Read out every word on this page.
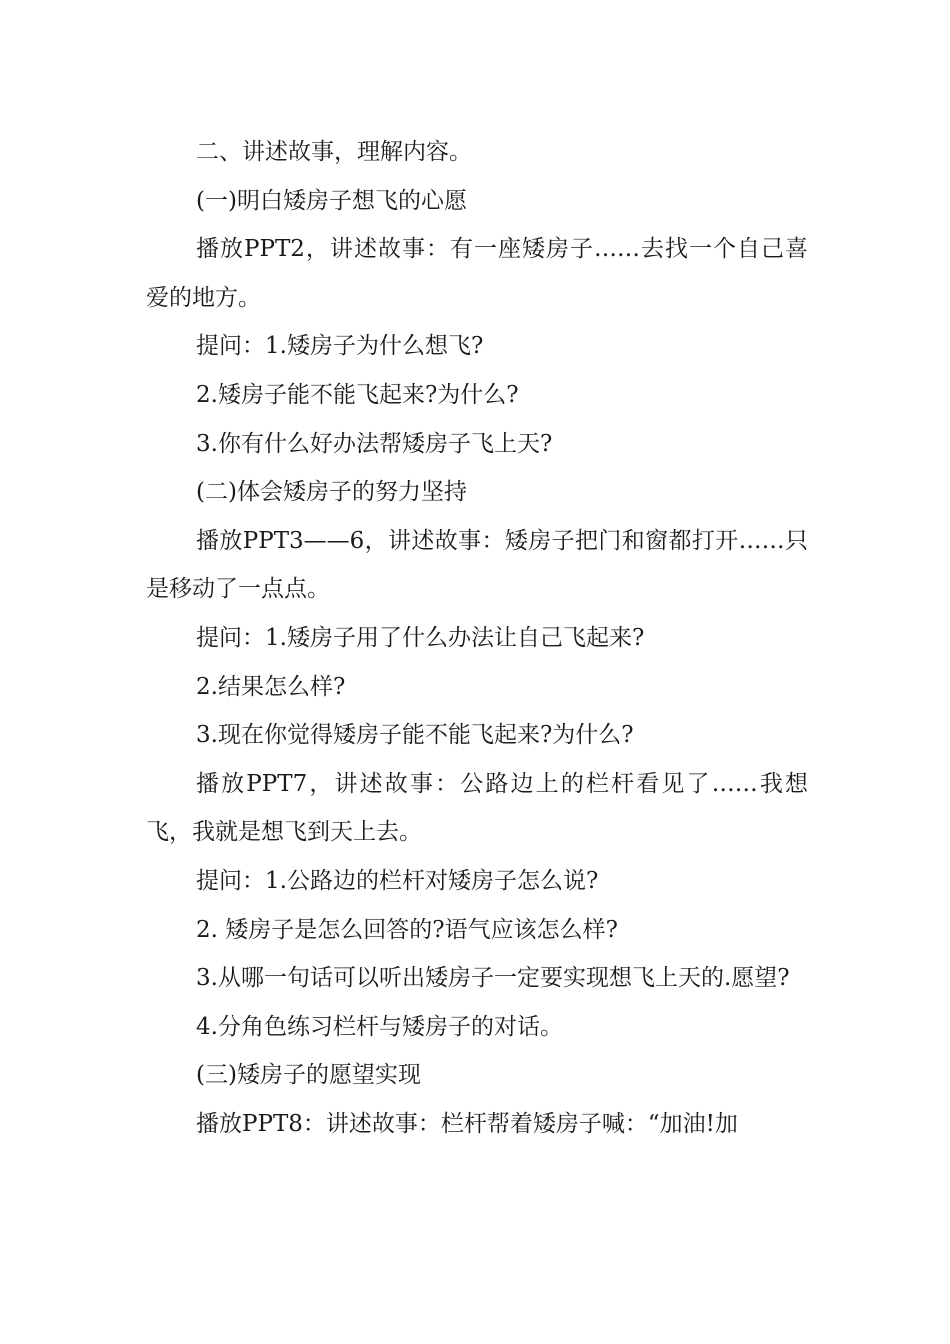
二、讲述故事，理解内容。

(一)明白矮房子想飞的心愿

播放PPT2，讲述故事：有一座矮房子……去找一个自己喜爱的地方。

提问：1.矮房子为什么想飞?

2.矮房子能不能飞起来?为什么?

3.你有什么好办法帮矮房子飞上天?

(二)体会矮房子的努力坚持

播放PPT3——6，讲述故事：矮房子把门和窗都打开……只是移动了一点点。

提问：1.矮房子用了什么办法让自己飞起来?

2.结果怎么样?

3.现在你觉得矮房子能不能飞起来?为什么?

播放PPT7，讲述故事：公路边上的栏杆看见了……我想飞，我就是想飞到天上去。

提问：1.公路边的栏杆对矮房子怎么说?

2. 矮房子是怎么回答的?语气应该怎么样?

3.从哪一句话可以听出矮房子一定要实现想飞上天的.愿望?

4.分角色练习栏杆与矮房子的对话。

(三)矮房子的愿望实现

播放PPT8：讲述故事：栏杆帮着矮房子喊：“加油!加
